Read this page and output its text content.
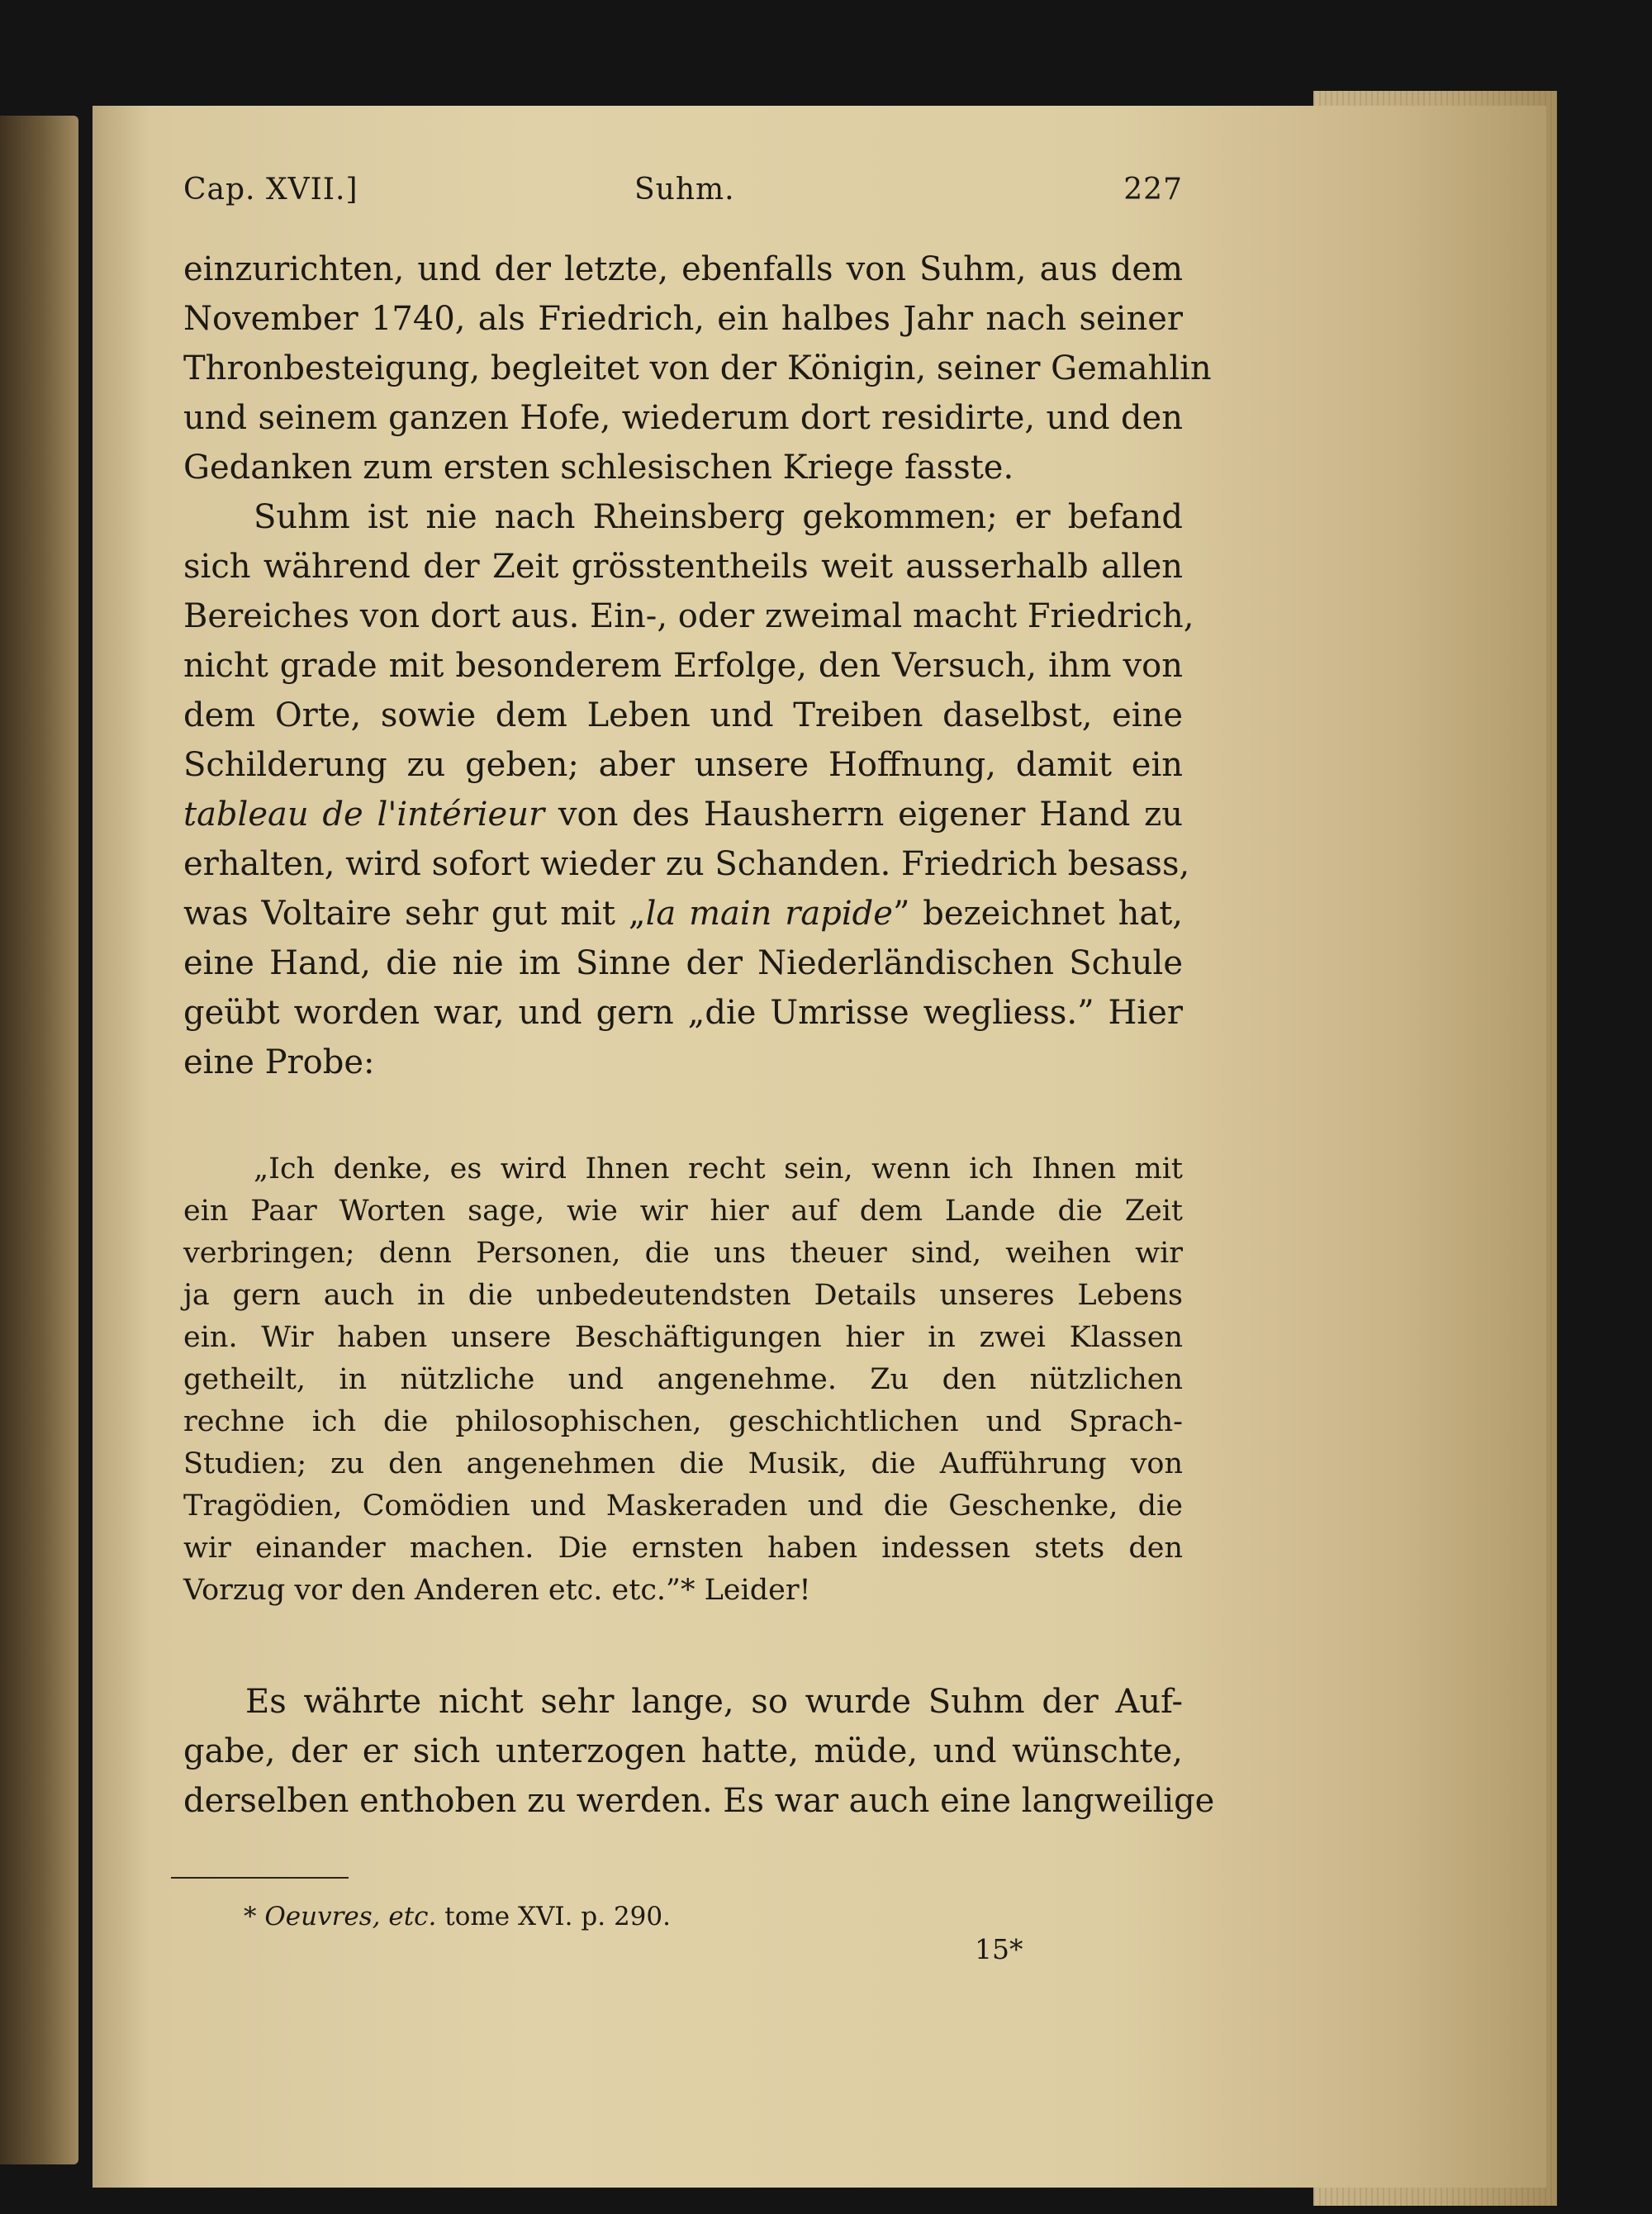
Cap. XVII.]	Suhm.	227
einzurichten, und der letzte, ebenfalls von Suhm, aus dem
November 1740, als Friedrich, ein halbes Jahr nach seiner
Thronbesteigung, begleitet von der Königin, seiner Gemahlin
und seinem ganzen Hofe, wiederum dort residirte, und den
Gedanken zum ersten schlesischen Kriege fasste.
Suhm ist nie nach Rheinsberg gekommen; er befand
sich während der Zeit grösstentheils weit ausserhalb allen
Bereiches von dort aus. Ein-, oder zweimal macht Friedrich,
nicht grade mit besonderem Erfolge, den Versuch, ihm von
dem Orte, sowie dem Leben und Treiben daselbst, eine
Schilderung zu geben; aber unsere Hoffnung, damit ein
tableau de l'intérieur von des Hausherrn eigener Hand zu
erhalten, wird sofort wieder zu Schanden. Friedrich besass,
was Voltaire sehr gut mit „la main rapide” bezeichnet hat,
eine Hand, die nie im Sinne der Niederländischen Schule
geübt worden war, und gern „die Umrisse wegliess.” Hier
eine Probe:
„Ich denke, es wird Ihnen recht sein, wenn ich Ihnen mit
ein Paar Worten sage, wie wir hier auf dem Lande die Zeit
verbringen; denn Personen, die uns theuer sind, weihen wir
ja gern auch in die unbedeutendsten Details unseres Lebens
ein. Wir haben unsere Beschäftigungen hier in zwei Klassen
getheilt, in nützliche und angenehme. Zu den nützlichen
rechne ich die philosophischen, geschichtlichen und Sprach-
Studien; zu den angenehmen die Musik, die Aufführung von
Tragödien, Comödien und Maskeraden und die Geschenke, die
wir einander machen. Die ernsten haben indessen stets den
Vorzug vor den Anderen etc. etc.”* Leider!
Es währte nicht sehr lange, so wurde Suhm der Auf-
gabe, der er sich unterzogen hatte, müde, und wünschte,
derselben enthoben zu werden. Es war auch eine langweilige
* Oeuvres, etc. tome XVI. p. 290.
15*
